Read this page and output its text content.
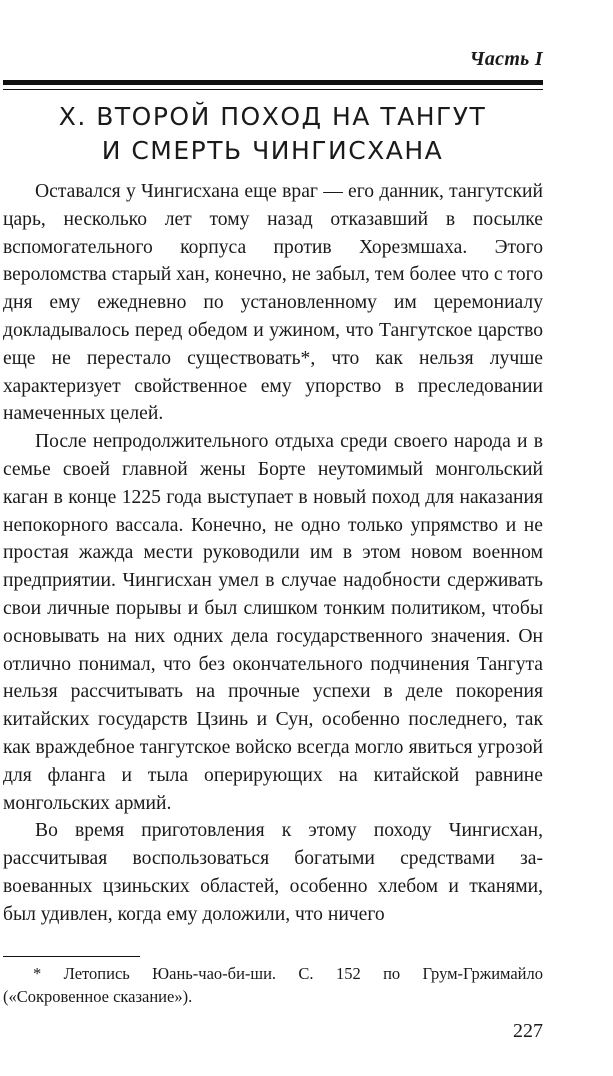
Часть I
X. ВТОРОЙ ПОХОД НА ТАНГУТ
И СМЕРТЬ ЧИНГИСХАНА

Оставался у Чингисхана еще враг — его данник, тангутский царь, несколько лет тому назад отказавший в посылке вспомогательного корпуса против Хорезмшаха. Этого вероломства старый хан, конечно, не забыл, тем более что с того дня ему ежедневно по установленному им церемониалу докладывалось перед обедом и ужином, что Тангутское царство еще не перестало существовать*, что как нельзя лучше характеризует свойственное ему упорство в преследовании намеченных целей.

После непродолжительного отдыха среди своего народа и в семье своей главной жены Борте неутомимый монгольский каган в конце 1225 года выступает в новый поход для наказания непокорного вассала. Конечно, не одно только упрямство и не простая жажда мести руководили им в этом новом военном предприятии. Чингисхан умел в случае надобности сдерживать свои личные порывы и был слишком тонким политиком, чтобы основывать на них одних дела государственного значения. Он отлично понимал, что без окончательного подчинения Тангута нельзя рассчитывать на прочные успехи в деле покорения китайских государств Цзинь и Сун, особенно последнего, так как враждебное тангутское войско всегда могло явиться угрозой для фланга и тыла оперирующих на китайской равнине монгольских армий.

Во время приготовления к этому походу Чингисхан, рассчитывая воспользоваться богатыми средствами завоеванных цзиньских областей, особенно хлебом и тканями, был удивлен, когда ему доложили, что ничего

* Летопись Юань-чао-би-ши. С. 152 по Грум-Гржимайло («Сокровенное сказание»).

227
